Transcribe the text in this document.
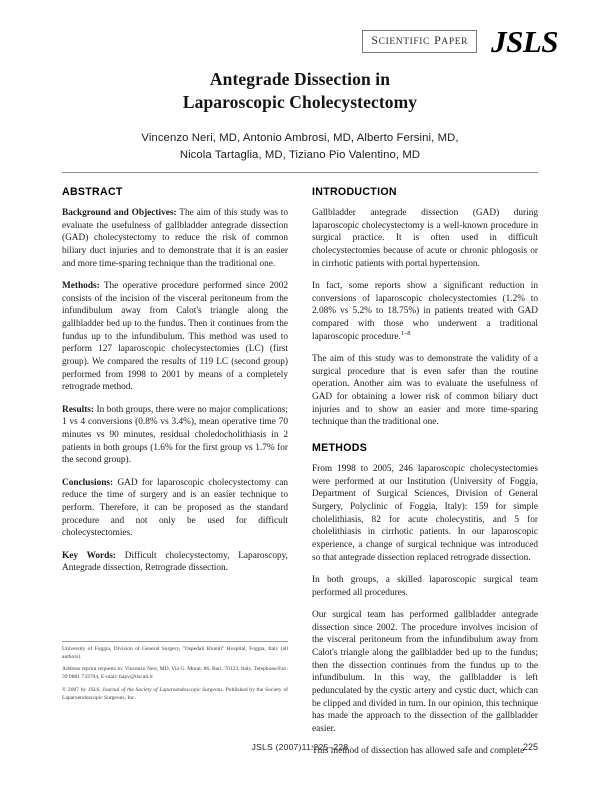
SCIENTIFIC PAPER JSLS
Antegrade Dissection in
Laparoscopic Cholecystectomy
Vincenzo Neri, MD, Antonio Ambrosi, MD, Alberto Fersini, MD,
Nicola Tartaglia, MD, Tiziano Pio Valentino, MD
ABSTRACT

Background and Objectives: The aim of this study was to evaluate the usefulness of gallbladder antegrade dissection (GAD) cholecystectomy to reduce the risk of common biliary duct injuries and to demonstrate that it is an easier and more time-sparing technique than the traditional one.

Methods: The operative procedure performed since 2002 consists of the incision of the visceral peritoneum from the infundibulum away from Calot's triangle along the gallbladder bed up to the fundus. Then it continues from the fundus up to the infundibulum. This method was used to perform 127 laparoscopic cholecystectomies (LC) (first group). We compared the results of 119 LC (second group) performed from 1998 to 2001 by means of a completely retrograde method.

Results: In both groups, there were no major complications; 1 vs 4 conversions (0.8% vs 3.4%), mean operative time 70 minutes vs 90 minutes, residual choledocholithiasis in 2 patients in both groups (1.6% for the first group vs 1.7% for the second group).

Conclusions: GAD for laparoscopic cholecystectomy can reduce the time of surgery and is an easier technique to perform. Therefore, it can be proposed as the standard procedure and not only be used for difficult cholecystectomies.

Key Words: Difficult cholecystectomy, Laparoscopy, Antegrade dissection, Retrograde dissection.

INTRODUCTION

Gallbladder antegrade dissection (GAD) during laparoscopic cholecystectomy is a well-known procedure in surgical practice. It is often used in difficult cholecystectomies because of acute or chronic phlogosis or in cirrhotic patients with portal hypertension.

In fact, some reports show a significant reduction in conversions of laparoscopic cholecystectomies (1.2% to 2.08% vs 5.2% to 18.75%) in patients treated with GAD compared with those who underwent a traditional laparoscopic procedure.$^{1-8}$

The aim of this study was to demonstrate the validity of a surgical procedure that is even safer than the routine operation. Another aim was to evaluate the usefulness of GAD for obtaining a lower risk of common biliary duct injuries and to show an easier and more time-sparing technique than the traditional one.

METHODS

From 1998 to 2005, 246 laparoscopic cholecystectomies were performed at our Institution (University of Foggia, Department of Surgical Sciences, Division of General Surgery, Polyclinic of Foggia, Italy): 159 for simple cholelithiasis, 82 for acute cholecystitis, and 5 for cholelithiasis in cirrhotic patients. In our laparoscopic experience, a change of surgical technique was introduced so that antegrade dissection replaced retrograde dissection.

In both groups, a skilled laparoscopic surgical team performed all procedures.

Our surgical team has performed gallbladder antegrade dissection since 2002. The procedure involves incision of the visceral peritoneum from the infundibulum away from Calot's triangle along the gallbladder bed up to the fundus; then the dissection continues from the fundus up to the infundibulum. In this way, the gallbladder is left pedunculated by the cystic artery and cystic duct, which can be clipped and divided in turn. In our opinion, this technique has made the approach to the dissection of the gallbladder easier.

This method of dissection has allowed safe and complete

University of Foggia, Division of General Surgery, "Ospedali Riuniti" Hospital, Foggia, Italy (all authors).

Address reprint requests to: Vincenzo Neri, MD, Via G. Murat, 86, Bari, 70123, Italy. Telephone/Fax: 39 0881 733704, E-mail: tiapv@tiscali.it

© 2007 by JSLS, Journal of the Society of Laparoendoscopic Surgeons. Published by the Society of Laparoendoscopic Surgeons, Inc.

JSLS (2007)11:225–228	225
